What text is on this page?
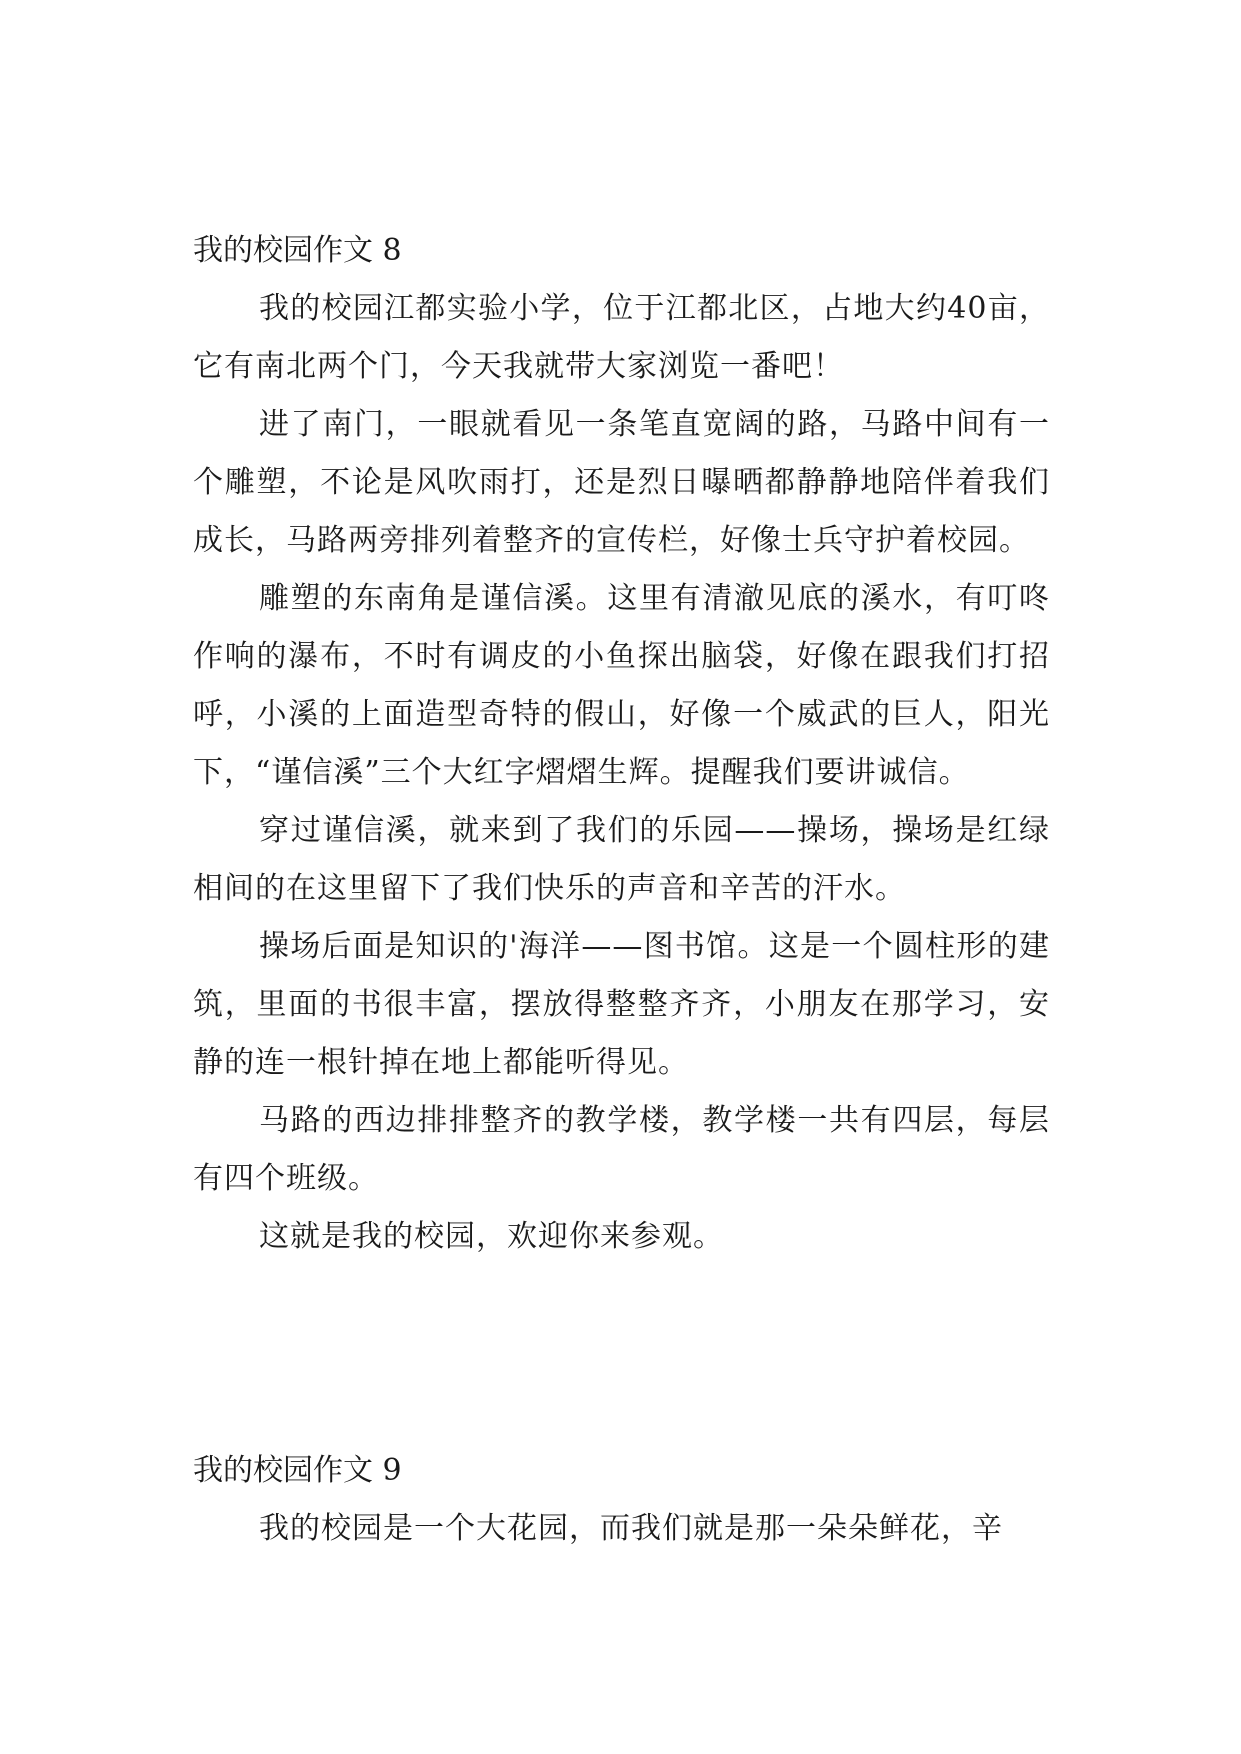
我的校园作文 8

我的校园江都实验小学，位于江都北区，占地大约40亩，它有南北两个门，今天我就带大家浏览一番吧！

进了南门，一眼就看见一条笔直宽阔的路，马路中间有一个雕塑，不论是风吹雨打，还是烈日曝晒都静静地陪伴着我们成长，马路两旁排列着整齐的宣传栏，好像士兵守护着校园。

雕塑的东南角是谨信溪。这里有清澈见底的溪水，有叮咚作响的瀑布，不时有调皮的小鱼探出脑袋，好像在跟我们打招呼，小溪的上面造型奇特的假山，好像一个威武的巨人，阳光下，“谨信溪”三个大红字熠熠生辉。提醒我们要讲诚信。

穿过谨信溪，就来到了我们的乐园——操场，操场是红绿相间的在这里留下了我们快乐的声音和辛苦的汗水。

操场后面是知识的'海洋——图书馆。这是一个圆柱形的建筑，里面的书很丰富，摆放得整整齐齐，小朋友在那学习，安静的连一根针掉在地上都能听得见。

马路的西边排排整齐的教学楼，教学楼一共有四层，每层有四个班级。

这就是我的校园，欢迎你来参观。

我的校园作文 9

我的校园是一个大花园，而我们就是那一朵朵鲜花，辛
